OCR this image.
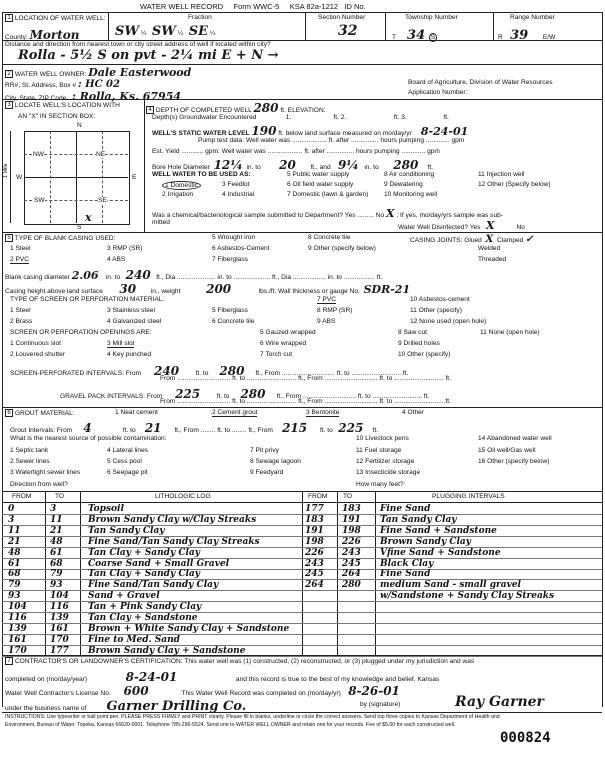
WATER WELL RECORD Form WWC-5 KSA 82a-1212 ID No.
1 LOCATION OF WATER WELL:
County: Morton
Fraction
SW ¼ SW ¼ SE ¼
Section Number
32
Township Number
T 34 S
Range Number
R 39 E/W
Distance and direction from nearest town or city street address of well if located within city?
Rolla - 5½ S on pvt - 2¼ mi E + N →
2 WATER WELL OWNER: Dale Easterwood
RR#, St. Address, Box # : HC 02
City, State, ZIP Code : Rolla, Ks. 67954
Board of Agriculture, Division of Water Resources
Application Number:
3 LOCATE WELL'S LOCATION WITH
AN "X" IN SECTION BOX:
N
NW	NE
SW	SE
W	E
S
1 Mile
x
4 DEPTH OF COMPLETED WELL 280 ft. ELEVATION:
Depth(s) Groundwater Encountered	1.	ft. 2.	ft. 3.	ft.
WELL'S STATIC WATER LEVEL 190 ft. below land surface measured on mo/day/yr 8-24-01
Pump test data: Well water was ................... ft. after ............... hours pumping ............. gpm
Est. Yield ............ gpm: Well water was ................... ft. after ............... hours pumping ............. gpm
Bore Hole Diameter 12¼ in. to 20 ft., and 9¼ in. to 280 ft.
WELL WATER TO BE USED AS:	5 Public water supply	8 Air conditioning	11 Injection well
1 Domestic	3 Feedlot	6 Oil field water supply	9 Dewatering	12 Other (Specify below)
2 Irrigation	4 Industrial	7 Domestic (lawn & garden) 10 Monitoring well
Was a chemical/bacteriological sample submitted to Department? Yes ......... No X ; If yes, mo/day/yrs sample was sub-
mitted
Water Well Disinfected? Yes X	No
5 TYPE OF BLANK CASING USED:
1 Steel
2 PVC
3 RMP (SR)
4 ABS
5 Wrought iron
6 Asbestos-Cement
7 Fiberglass
8 Concrete tile
9 Other (specify below)
CASING JOINTS: Glued X Clamped ✓
Welded
Threaded
Blank casing diameter 2.06 in. to 240 ft., Dia ..................... in. to .................... ft., Dia .................. in. to ................. ft.
Casing height above land surface 30 in., weight 200	lbs./ft. Wall thickness or gauge No. SDR-21
TYPE OF SCREEN OR PERFORATION MATERIAL:
1 Steel
2 Brass
3 Stainless steel
4 Galvanized steel
5 Fiberglass
6 Concrete tile
7 PVC
8 RMP (SR)
9 ABS
10 Asbestos-cement
11 Other (specify)
12 None used (open hole)
SCREEN OR PERFORATION OPENINGS ARE:
1 Continuous slot
2 Louvered shutter
3 Mill slot
4 Key punched
5 Gauzed wrapped
6 Wire wrapped
7 Torch cut
8 Saw cut
9 Drilled holes
10 Other (specify)
11 None (open hole)
SCREEN-PERFORATED INTERVALS: From 240	ft. to 280 ft., From ............................. ft. to ........................... ft.
From ............................. ft. to ........................... ft., From ............................. ft. to ........................... ft.
GRAVEL PACK INTERVALS: From 225	ft. to 280 ft., From ............................. ft. to ........................... ft.
From ............................. ft. to ........................... ft., From ............................. ft. to ........................... ft.
6 GROUT MATERIAL:	1 Neat cement	2 Cement grout	3 Bentonite	4 Other
Grout Intervals: From 4	ft. to 21 ft., From ........ ft. to ........ ft., From 215 ft. to 225 ft.
What is the nearest source of possible contamination:
1 Septic tank
2 Sewer lines
3 Watertight sewer lines
4 Lateral lines
5 Cess pool
6 Seepage pit
7 Pit privy
8 Sewage lagoon
9 Feedyard
10 Livestock pens
11 Fuel storage
12 Fertilizer storage
13 Insecticide storage
14 Abandoned water well
15 Oil well/Gas well
16 Other (specify below)
Direction from well?	How many feet?
FROM	TO	LITHOLOGIC LOG	FROM TO	PLUGGING INTERVALS
0	3	Topsoil	177 183 Fine Sand
3	11	Brown Sandy Clay w/Clay Streaks	183 191 Tan Sandy Clay
11	21	Tan Sandy Clay	191 198 Fine Sand + Sandstone
21	48	Fine Sand/Tan Sandy Clay Streaks	198 226 Brown Sandy Clay
48	61	Tan Clay + Sandy Clay	226 243 Vfine Sand + Sandstone
61	68	Coarse Sand + Small Gravel	243 245 Black Clay
68	79	Tan Clay + Sandy Clay	245 264 Fine Sand
79	93	Fine Sand/Tan Sandy Clay	264 280 medium Sand - small gravel
93	104 Sand + Gravel	w/Sandstone + Sandy Clay Streaks
104	116 Tan + Pink Sandy Clay
116	139 Tan Clay + Sandstone
139	161 Brown + White Sandy Clay + Sandstone
161	170 Fine to Med. Sand
170	177 Brown Sandy Clay + Sandstone
7 CONTRACTOR'S OR LANDOWNER'S CERTIFICATION: This water well was (1) constructed, (2) reconstructed, or (3) plugged under my jurisdiction and was
completed on (mo/day/year)	8-24-01	and this record is true to the best of my knowledge and belief. Kansas
Water Well Contractor's License No. 600	This Water Well Record was completed on (mo/day/yr) 8-26-01
under the business name of Garner Drilling Co.	by (signature)	Ray Garner
INSTRUCTIONS: Use typewriter or ball point pen. PLEASE PRESS FIRMLY and PRINT clearly. Please fill in blanks, underline or circle the correct answers. Send top three copies to Kansas Department of Health and
Environment, Bureau of Water, Topeka, Kansas 66620-0001. Telephone 785-296-5524. Send one to WATER WELL OWNER and retain one for your records. Fee of $5.00 for each constructed well.
000824
